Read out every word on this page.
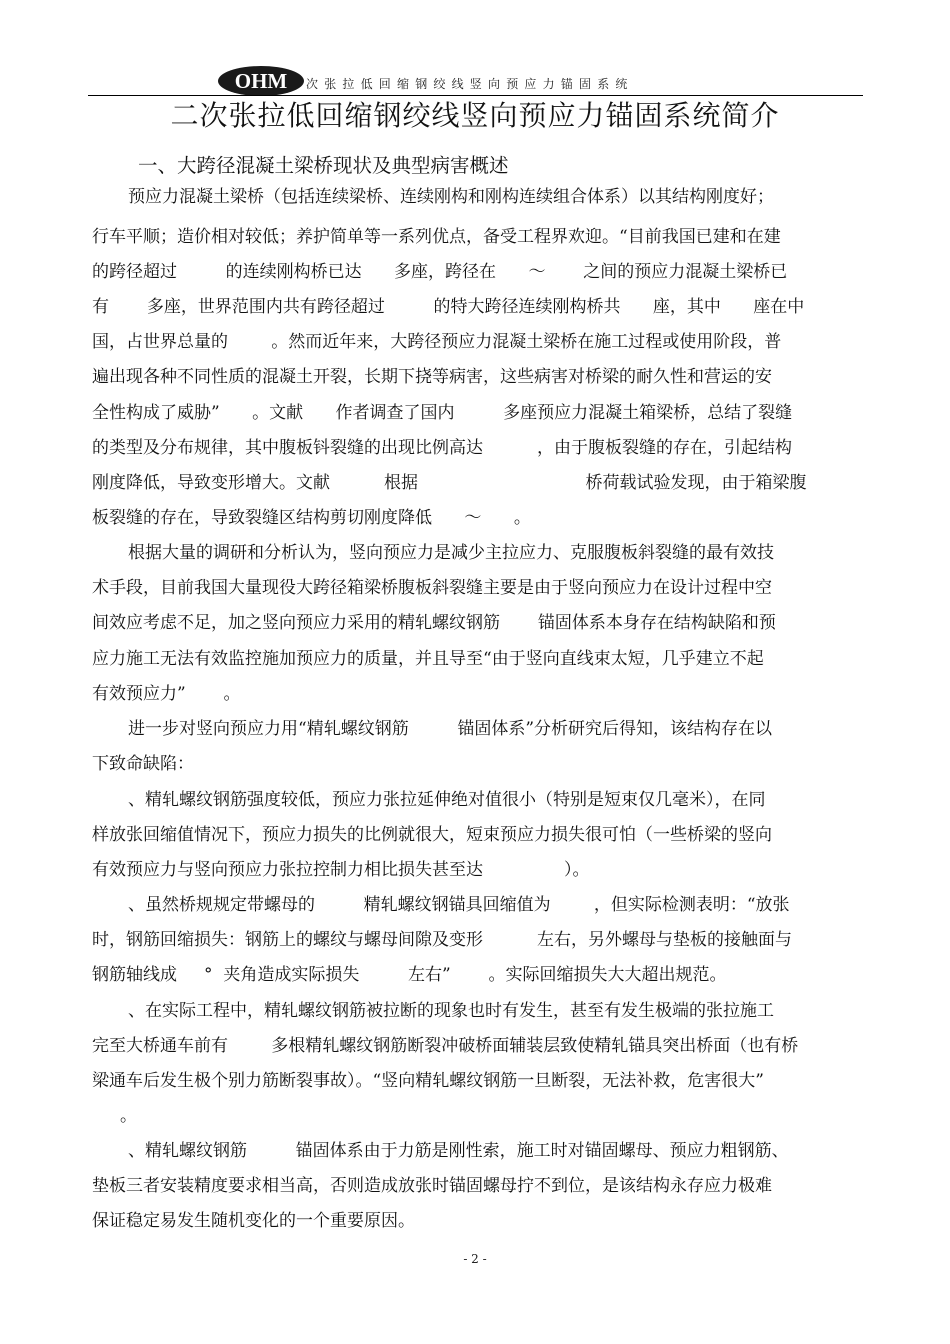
OHM	次张拉低回缩钢绞线竖向预应力锚固系统
二次张拉低回缩钢绞线竖向预应力锚固系统简介
一、大跨径混凝土梁桥现状及典型病害概述
预应力混凝土梁桥（包括连续梁桥、连续刚构和刚构连续组合体系）以其结构刚度好；
行车平顺；造价相对较低；养护简单等一系列优点，备受工程界欢迎。“目前我国已建和在建
的跨径超过         的连续刚构桥已达      多座，跨径在      ～       之间的预应力混凝土梁桥已
有       多座，世界范围内共有跨径超过         的特大跨径连续刚构桥共      座，其中      座在中
国，占世界总量的        。然而近年来，大跨径预应力混凝土梁桥在施工过程或使用阶段，普
遍出现各种不同性质的混凝土开裂，长期下挠等病害，这些病害对桥梁的耐久性和营运的安
全性构成了威胁”      。文献      作者调查了国内         多座预应力混凝土箱梁桥，总结了裂缝
的类型及分布规律，其中腹板钭裂缝的出现比例高达          ，由于腹板裂缝的存在，引起结构
刚度降低，导致变形增大。文献          根据                               桥荷载试验发现，由于箱梁腹
板裂缝的存在，导致裂缝区结构剪切刚度降低      ～      。
根据大量的调研和分析认为，竖向预应力是减少主拉应力、克服腹板斜裂缝的最有效技
术手段，目前我国大量现役大跨径箱梁桥腹板斜裂缝主要是由于竖向预应力在设计过程中空
间效应考虑不足，加之竖向预应力采用的精轧螺纹钢筋       锚固体系本身存在结构缺陷和预
应力施工无法有效监控施加预应力的质量，并且导至“由于竖向直线束太短，几乎建立不起
有效预应力”       。
进一步对竖向预应力用“精轧螺纹钢筋         锚固体系”分析研究后得知，该结构存在以
下致命缺陷：
、精轧螺纹钢筋强度较低，预应力张拉延伸绝对值很小（特别是短束仅几毫米），在同
样放张回缩值情况下，预应力损失的比例就很大，短束预应力损失很可怕（一些桥梁的竖向
有效预应力与竖向预应力张拉控制力相比损失甚至达               ）。
、虽然桥规规定带螺母的         精轧螺纹钢锚具回缩值为        ，但实际检测表明：“放张
时，钢筋回缩损失：钢筋上的螺纹与螺母间隙及变形          左右，另外螺母与垫板的接触面与
钢筋轴线成     °  夹角造成实际损失         左右”       。实际回缩损失大大超出规范。
、在实际工程中，精轧螺纹钢筋被拉断的现象也时有发生，甚至有发生极端的张拉施工
完至大桥通车前有        多根精轧螺纹钢筋断裂冲破桥面辅装层致使精轧锚具突出桥面（也有桥
梁通车后发生极个别力筋断裂事故）。“竖向精轧螺纹钢筋一旦断裂，无法补救，危害很大”
。
、精轧螺纹钢筋         锚固体系由于力筋是刚性索，施工时对锚固螺母、预应力粗钢筋、
垫板三者安装精度要求相当高，否则造成放张时锚固螺母拧不到位，是该结构永存应力极难
保证稳定易发生随机变化的一个重要原因。
- 2 -
